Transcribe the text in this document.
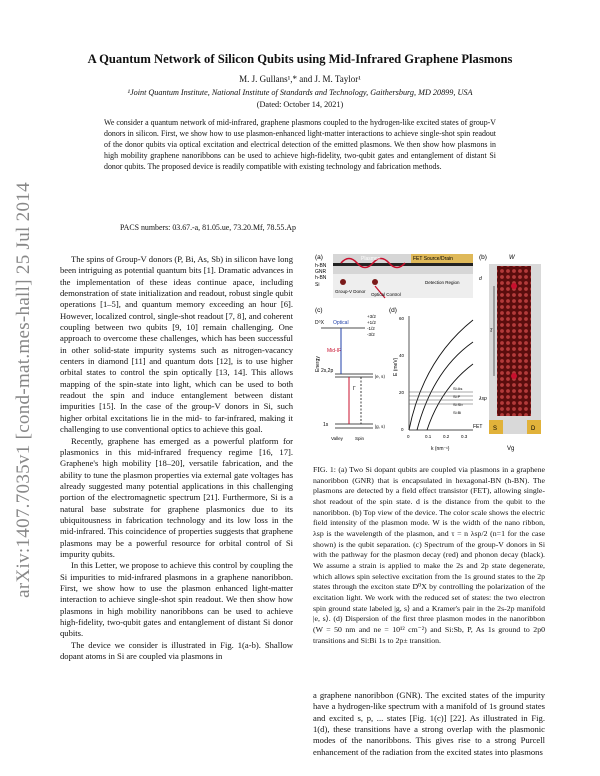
arXiv:1407.7035v1 [cond-mat.mes-hall] 25 Jul 2014
A Quantum Network of Silicon Qubits using Mid-Infrared Graphene Plasmons
M. J. Gullans¹,* and J. M. Taylor¹
¹Joint Quantum Institute, National Institute of Standards and Technology, Gaithersburg, MD 20899, USA
(Dated: October 14, 2021)
We consider a quantum network of mid-infrared, graphene plasmons coupled to the hydrogen-like excited states of group-V donors in silicon. First, we show how to use plasmon-enhanced light-matter interactions to achieve single-shot spin readout of the donor qubits via optical excitation and electrical detection of the emitted plasmons. We then show how plasmons in high mobility graphene nanoribbons can be used to achieve high-fidelity, two-qubit gates and entanglement of distant Si donor qubits. The proposed device is readily compatible with existing technology and fabrication methods.
PACS numbers: 03.67.-a, 81.05.ue, 73.20.Mf, 78.55.Ap

The spins of Group-V donors (P, Bi, As, Sb) in silicon have long been intriguing as potential quantum bits [1]. Dramatic advances in the implementation of these ideas continue apace, including demonstration of state initialization and readout, robust single qubit operations [1–5], and quantum memory exceeding an hour [6]. However, localized control, single-shot readout [7, 8], and coherent coupling between two qubits [9, 10] remain challenging. One approach to overcome these challenges, which has been successful in other solid-state impurity systems such as nitrogen-vacancy centers in diamond [11] and quantum dots [12], is to use higher orbital states to control the spin optically [13, 14]. This allows mapping of the spin-state into light, which can be used to both readout the spin and induce entanglement between distant impurities [15]. In the case of the group-V donors in Si, such higher orbital excitations lie in the mid- to far-infrared, making it challenging to use conventional optics to achieve this goal.

Recently, graphene has emerged as a powerful platform for plasmonics in this mid-infrared frequency regime [16, 17]. Graphene's high mobility [18–20], versatile fabrication, and the ability to tune the plasmon properties via external gate voltages has already suggested many potential applications in this challenging portion of the electromagnetic spectrum [21]. Furthermore, Si is a natural base substrate for graphene plasmonics due to its ubiquitousness in fabrication technology and its low loss in the mid-infrared. This coincidence of properties suggests that graphene plasmons may be a powerful resource for orbital control of Si impurity qubits.

In this Letter, we propose to achieve this control by coupling the Si impurities to mid-infrared plasmons in a graphene nanoribbon. First, we show how to use the plasmon enhanced light-matter interaction to achieve single-shot spin readout. We then show how plasmons in high mobility nanoribbons can be used to achieve high-fidelity, two-qubit gates and entanglement of distant Si donor qubits.

The device we consider is illustrated in Fig. 1(a-b). Shallow dopant atoms in Si are coupled via plasmons in

(a)
h-BN
GNR
h-BN
Si
Plasmon	FET Source/Drain
Group-V Donor
Optical Control
Detection Region
(b)	W
τ
λsp
S	D
Vg
FET
(c)
D⁰X Optical
Energy
Mid-IR
2s,2p
1s
Γ
|e, s⟩
|g, s⟩
Valley	Spin
+3/2
+1/2
-1/2
-3/2
(d)
E (meV)
k (nm⁻¹)
60
40
20
0
0	0.1	0.2	0.3
Si:As
Si:P
Si:Sb
Si:Bi
d
FIG. 1: (a) Two Si dopant qubits are coupled via plasmons in a graphene nanoribbon (GNR) that is encapsulated in hexagonal-BN (h-BN). The plasmons are detected by a field effect transistor (FET), allowing single-shot readout of the spin state. d is the distance from the qubit to the nanoribbon. (b) Top view of the device. The color scale shows the electric field intensity of the plasmon mode. W is the width of the nano ribbon, λsp is the wavelength of the plasmon, and τ = n λsp/2 (n=1 for the case shown) is the qubit separation. (c) Spectrum of the group-V donors in Si with the pathway for the plasmon decay (red) and phonon decay (black). We assume a strain is applied to make the 2s and 2p state degenerate, which allows spin selective excitation from the 1s ground states to the 2p states through the exciton state D⁰X by controlling the polarization of the excitation light. We work with the reduced set of states: the two electron spin ground state labeled |g, s⟩ and a Kramer's pair in the 2s-2p manifold |e, s⟩. (d) Dispersion of the first three plasmon modes in the nanoribbon (W = 50 nm and ne = 10¹² cm⁻²) and Si:Sb, P, As 1s ground to 2p0 transitions and Si:Bi 1s to 2p± transition.

a graphene nanoribbon (GNR). The excited states of the impurity have a hydrogen-like spectrum with a manifold of 1s ground states and excited s, p, ... states [Fig. 1(c)] [22]. As illustrated in Fig. 1(d), these transitions have a strong overlap with the plasmonic modes of the nanoribbons. This gives rise to a strong Purcell enhancement of the radiation from the excited states into plasmons
